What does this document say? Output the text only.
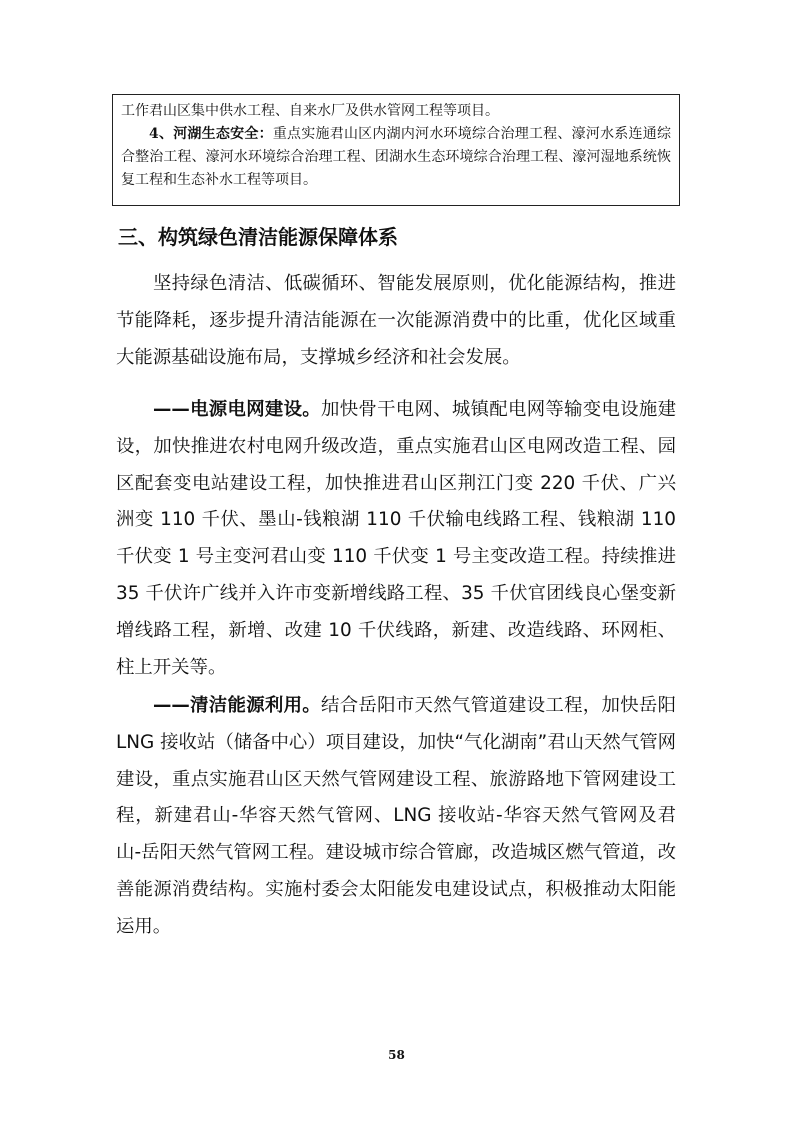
工作君山区集中供水工程、自来水厂及供水管网工程等项目。

4、河湖生态安全：重点实施君山区内湖内河水环境综合治理工程、濠河水系连通综合整治工程、濠河水环境综合治理工程、团湖水生态环境综合治理工程、濠河湿地系统恢复工程和生态补水工程等项目。

三、构筑绿色清洁能源保障体系

坚持绿色清洁、低碳循环、智能发展原则，优化能源结构，推进节能降耗，逐步提升清洁能源在一次能源消费中的比重，优化区域重大能源基础设施布局，支撑城乡经济和社会发展。

——电源电网建设。加快骨干电网、城镇配电网等输变电设施建设，加快推进农村电网升级改造，重点实施君山区电网改造工程、园区配套变电站建设工程，加快推进君山区荆江门变 220 千伏、广兴洲变 110 千伏、墨山-钱粮湖 110 千伏输电线路工程、钱粮湖 110 千伏变 1 号主变河君山变 110 千伏变 1 号主变改造工程。持续推进 35 千伏许广线并入许市变新增线路工程、35 千伏官团线良心堡变新增线路工程，新增、改建 10 千伏线路，新建、改造线路、环网柜、柱上开关等。

——清洁能源利用。结合岳阳市天然气管道建设工程，加快岳阳 LNG 接收站（储备中心）项目建设，加快“气化湖南”君山天然气管网建设，重点实施君山区天然气管网建设工程、旅游路地下管网建设工程，新建君山-华容天然气管网、LNG 接收站-华容天然气管网及君山-岳阳天然气管网工程。建设城市综合管廊，改造城区燃气管道，改善能源消费结构。实施村委会太阳能发电建设试点，积极推动太阳能运用。

58
